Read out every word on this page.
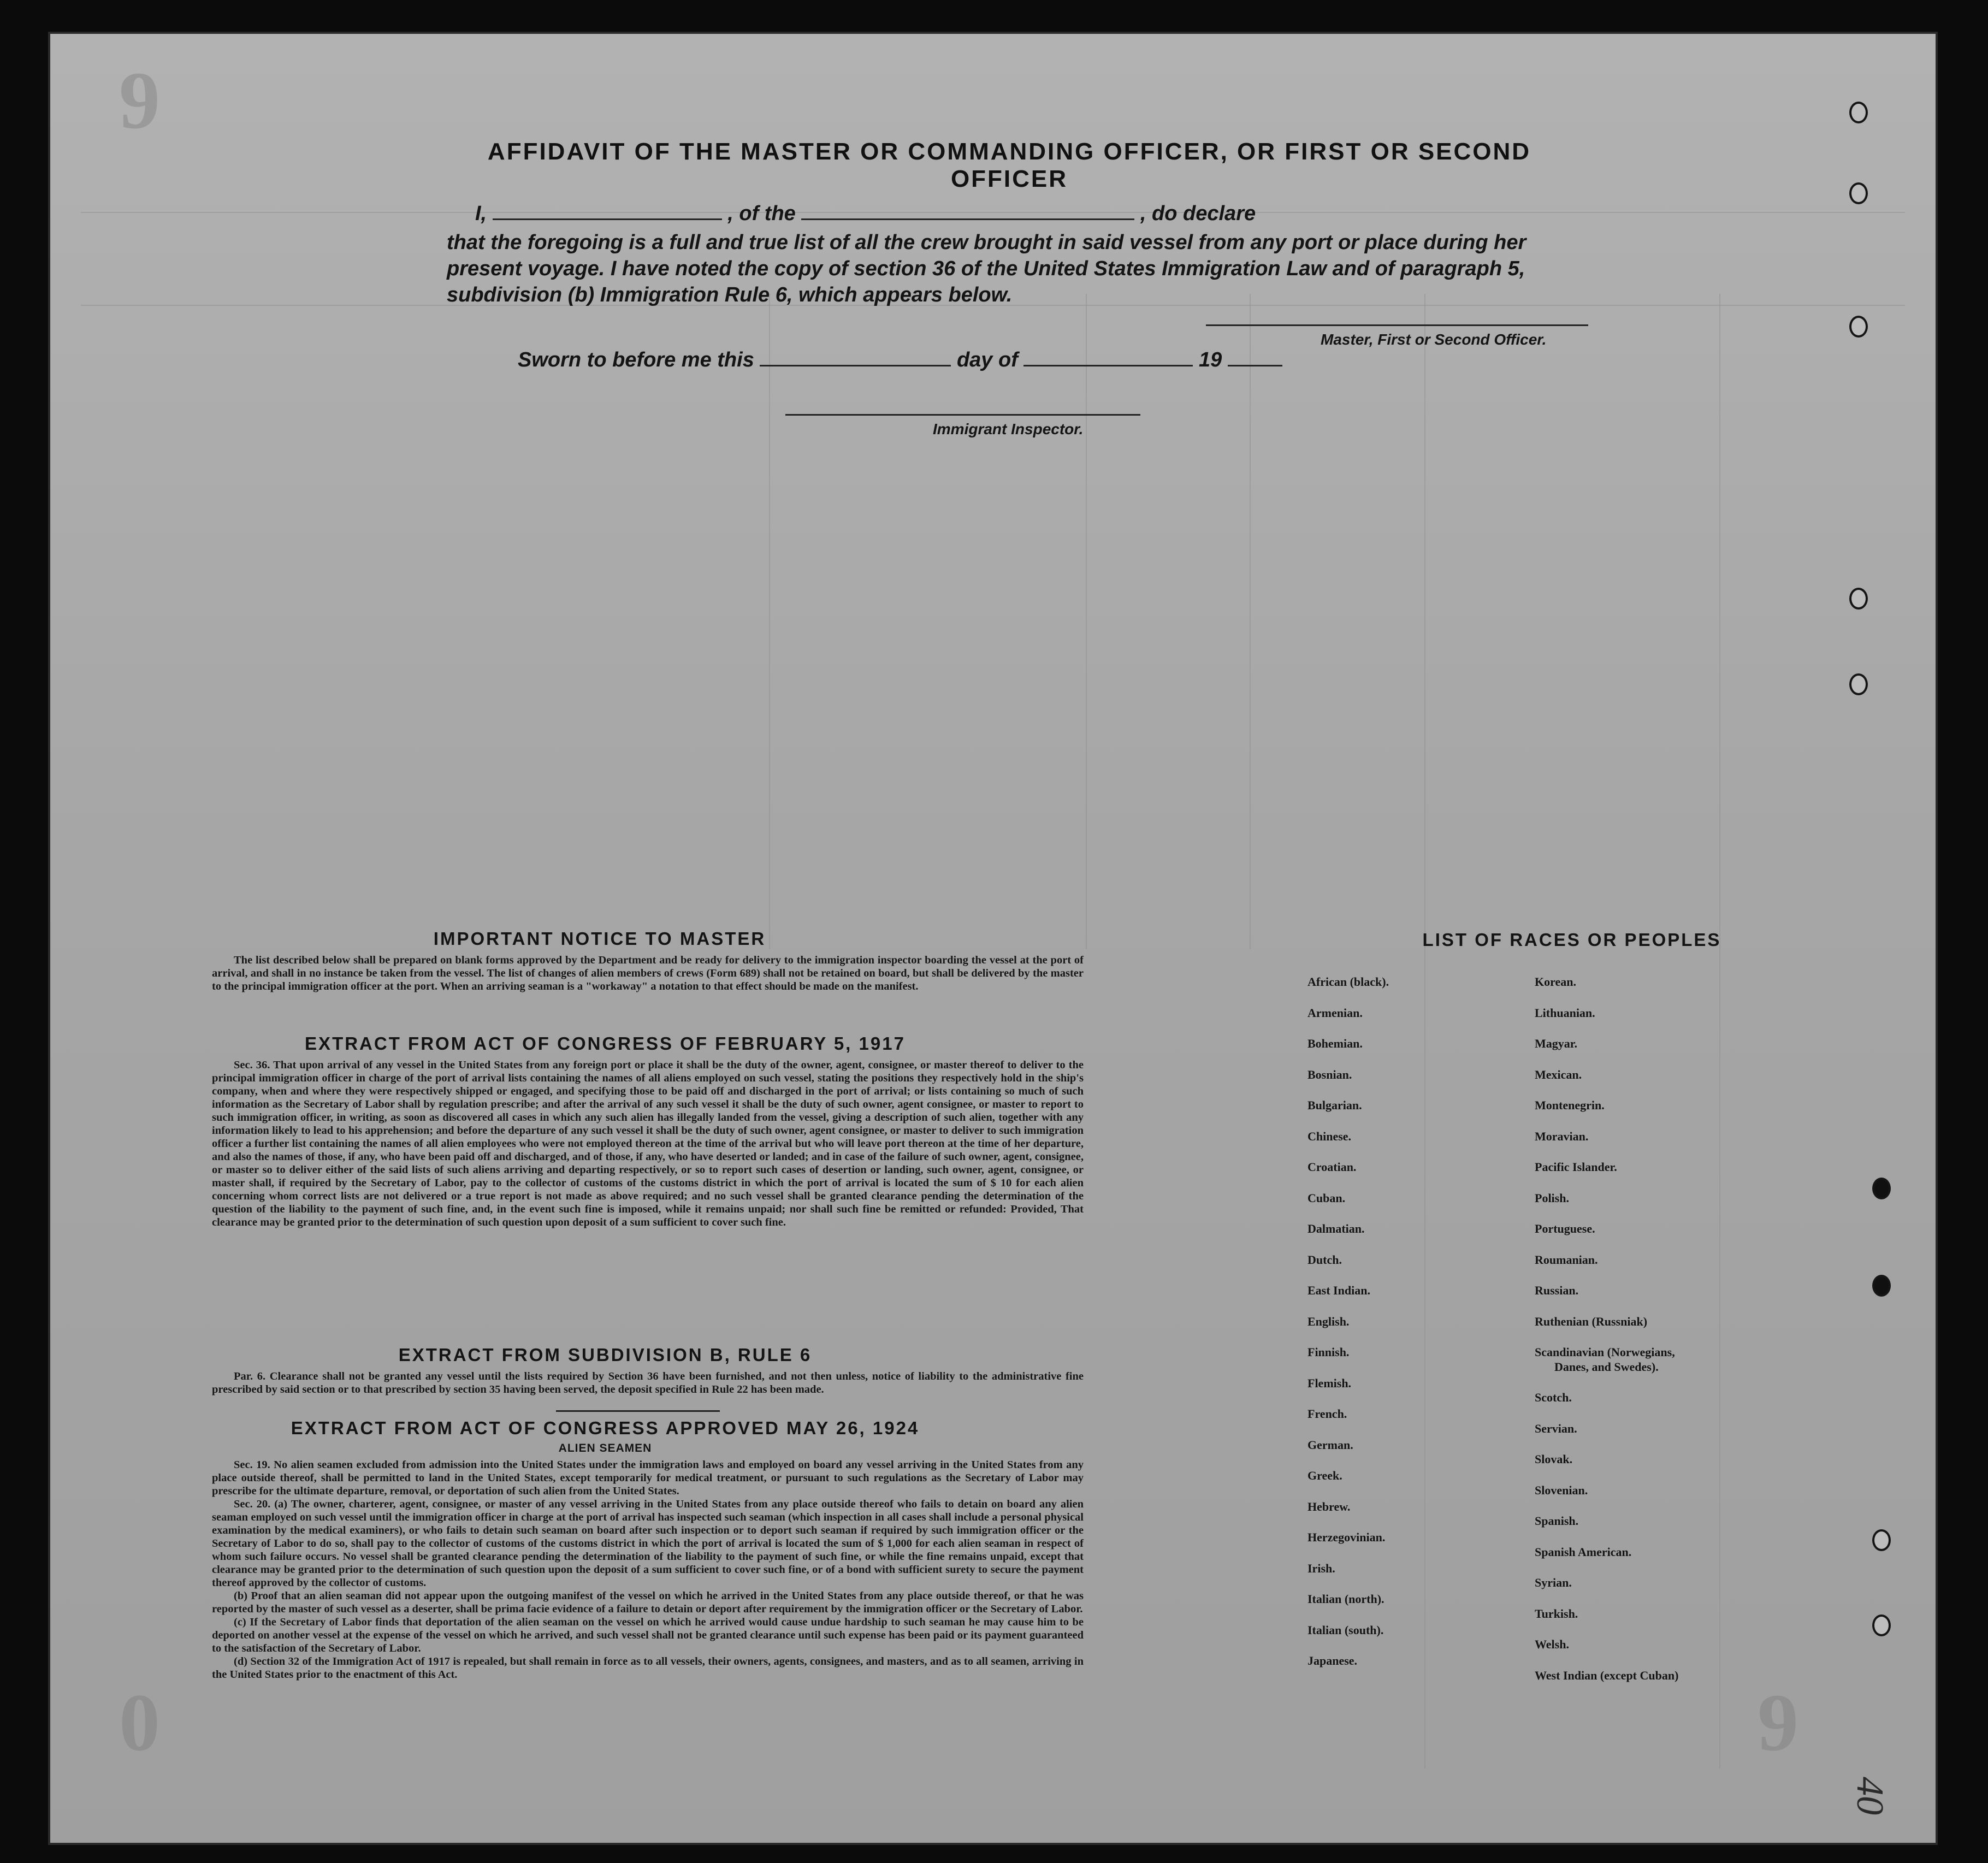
9
0	9
AFFIDAVIT OF THE MASTER OR COMMANDING OFFICER, OR FIRST OR SECOND OFFICER
I,	, of the	, do declare
that the foregoing is a full and true list of all the crew brought in said vessel from any port or place during her
present voyage. I have noted the copy of section 36 of the United States Immigration Law and of paragraph 5,
subdivision (b) Immigration Rule 6, which appears below.
Master, First or Second Officer.
Sworn to before me this	day of	19
Immigrant Inspector.
IMPORTANT NOTICE TO MASTER

The list described below shall be prepared on blank forms approved by the Department and be ready for delivery to the immigration inspector boarding the vessel at the port of arrival, and shall in no instance be taken from the vessel. The list of changes of alien members of crews (Form 689) shall not be retained on board, but shall be delivered by the master to the principal immigration officer at the port. When an arriving seaman is a "workaway" a notation to that effect should be made on the manifest.

EXTRACT FROM ACT OF CONGRESS OF FEBRUARY 5, 1917

Sec. 36. That upon arrival of any vessel in the United States from any foreign port or place it shall be the duty of the owner, agent, consignee, or master thereof to deliver to the principal immigration officer in charge of the port of arrival lists containing the names of all aliens employed on such vessel, stating the positions they respectively hold in the ship's company, when and where they were respectively shipped or engaged, and specifying those to be paid off and discharged in the port of arrival; or lists containing so much of such information as the Secretary of Labor shall by regulation prescribe; and after the arrival of any such vessel it shall be the duty of such owner, agent consignee, or master to report to such immigration officer, in writing, as soon as discovered all cases in which any such alien has illegally landed from the vessel, giving a description of such alien, together with any information likely to lead to his apprehension; and before the departure of any such vessel it shall be the duty of such owner, agent consignee, or master to deliver to such immigration officer a further list containing the names of all alien employees who were not employed thereon at the time of the arrival but who will leave port thereon at the time of her departure, and also the names of those, if any, who have been paid off and discharged, and of those, if any, who have deserted or landed; and in case of the failure of such owner, agent, consignee, or master so to deliver either of the said lists of such aliens arriving and departing respectively, or so to report such cases of desertion or landing, such owner, agent, consignee, or master shall, if required by the Secretary of Labor, pay to the collector of customs of the customs district in which the port of arrival is located the sum of $ 10 for each alien concerning whom correct lists are not delivered or a true report is not made as above required; and no such vessel shall be granted clearance pending the determination of the question of the liability to the payment of such fine, and, in the event such fine is imposed, while it remains unpaid; nor shall such fine be remitted or refunded: Provided, That clearance may be granted prior to the determination of such question upon deposit of a sum sufficient to cover such fine.

EXTRACT FROM SUBDIVISION B, RULE 6

Par. 6. Clearance shall not be granted any vessel until the lists required by Section 36 have been furnished, and not then unless, notice of liability to the administrative fine prescribed by said section or to that prescribed by section 35 having been served, the deposit specified in Rule 22 has been made.

EXTRACT FROM ACT OF CONGRESS APPROVED MAY 26, 1924
ALIEN SEAMEN

Sec. 19. No alien seamen excluded from admission into the United States under the immigration laws and employed on board any vessel arriving in the United States from any place outside thereof, shall be permitted to land in the United States, except temporarily for medical treatment, or pursuant to such regulations as the Secretary of Labor may prescribe for the ultimate departure, removal, or deportation of such alien from the United States.

Sec. 20. (a) The owner, charterer, agent, consignee, or master of any vessel arriving in the United States from any place outside thereof who fails to detain on board any alien seaman employed on such vessel until the immigration officer in charge at the port of arrival has inspected such seaman (which inspection in all cases shall include a personal physical examination by the medical examiners), or who fails to detain such seaman on board after such inspection or to deport such seaman if required by such immigration officer or the Secretary of Labor to do so, shall pay to the collector of customs of the customs district in which the port of arrival is located the sum of $ 1,000 for each alien seaman in respect of whom such failure occurs. No vessel shall be granted clearance pending the determination of the liability to the payment of such fine, or while the fine remains unpaid, except that clearance may be granted prior to the determination of such question upon the deposit of a sum sufficient to cover such fine, or of a bond with sufficient surety to secure the payment thereof approved by the collector of customs.

(b) Proof that an alien seaman did not appear upon the outgoing manifest of the vessel on which he arrived in the United States from any place outside thereof, or that he was reported by the master of such vessel as a deserter, shall be prima facie evidence of a failure to detain or deport after requirement by the immigration officer or the Secretary of Labor.

(c) If the Secretary of Labor finds that deportation of the alien seaman on the vessel on which he arrived would cause undue hardship to such seaman he may cause him to be deported on another vessel at the expense of the vessel on which he arrived, and such vessel shall not be granted clearance until such expense has been paid or its payment guaranteed to the satisfaction of the Secretary of Labor.

(d) Section 32 of the Immigration Act of 1917 is repealed, but shall remain in force as to all vessels, their owners, agents, consignees, and masters, and as to all seamen, arriving in the United States prior to the enactment of this Act.

LIST OF RACES OR PEOPLES
African (black).
Armenian.
Bohemian.
Bosnian.
Bulgarian.
Chinese.
Croatian.
Cuban.
Dalmatian.
Dutch.
East Indian.
English.
Finnish.
Flemish.
French.
German.
Greek.
Hebrew.
Herzegovinian.
Irish.
Italian (north).
Italian (south).
Japanese.
Korean.
Lithuanian.
Magyar.
Mexican.
Montenegrin.
Moravian.
Pacific Islander.
Polish.
Portuguese.
Roumanian.
Russian.
Ruthenian (Russniak)
Scandinavian (Norwegians,
Danes, and Swedes).
Scotch.
Servian.
Slovak.
Slovenian.
Spanish.
Spanish American.
Syrian.
Turkish.
Welsh.
West Indian (except Cuban)
40
